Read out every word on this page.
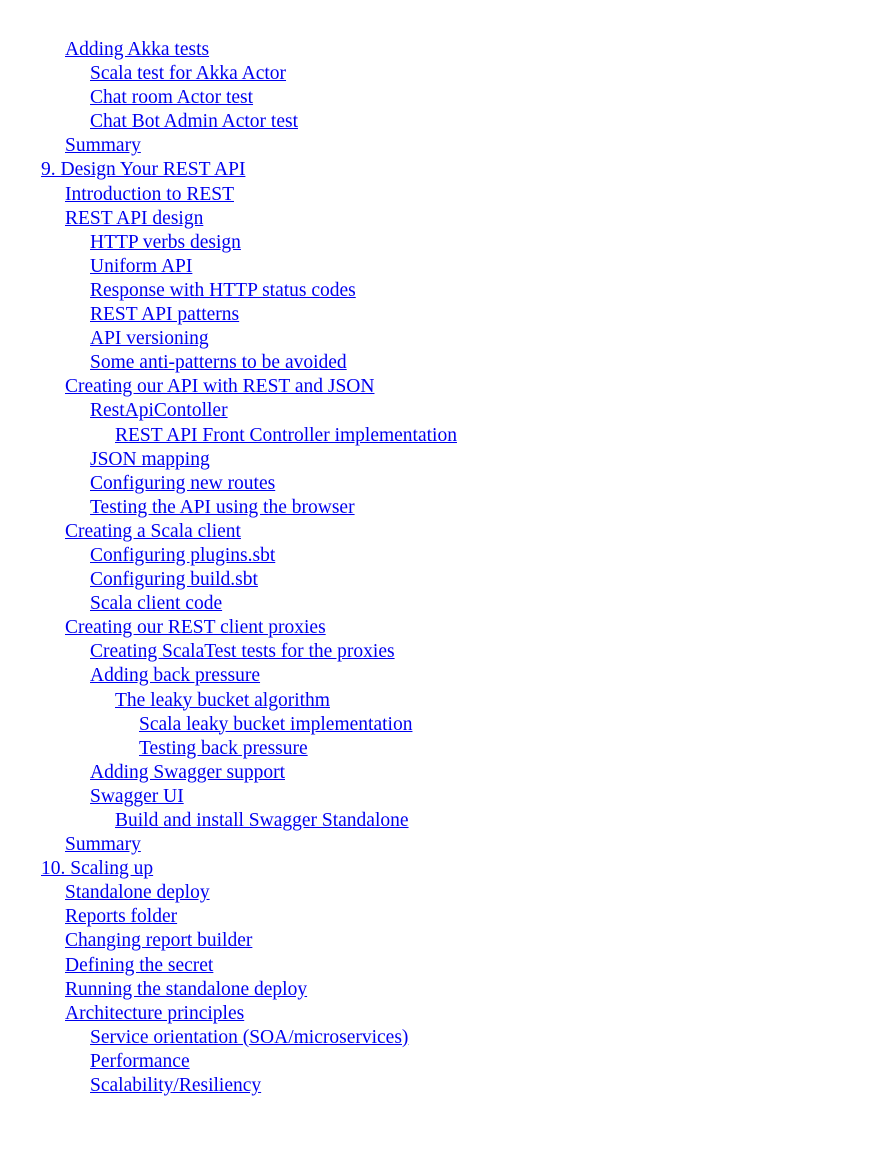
Adding Akka tests
Scala test for Akka Actor
Chat room Actor test
Chat Bot Admin Actor test
Summary
9. Design Your REST API
Introduction to REST
REST API design
HTTP verbs design
Uniform API
Response with HTTP status codes
REST API patterns
API versioning
Some anti-patterns to be avoided
Creating our API with REST and JSON
RestApiContoller
REST API Front Controller implementation
JSON mapping
Configuring new routes
Testing the API using the browser
Creating a Scala client
Configuring plugins.sbt
Configuring build.sbt
Scala client code
Creating our REST client proxies
Creating ScalaTest tests for the proxies
Adding back pressure
The leaky bucket algorithm
Scala leaky bucket implementation
Testing back pressure
Adding Swagger support
Swagger UI
Build and install Swagger Standalone
Summary
10. Scaling up
Standalone deploy
Reports folder
Changing report builder
Defining the secret
Running the standalone deploy
Architecture principles
Service orientation (SOA/microservices)
Performance
Scalability/Resiliency
